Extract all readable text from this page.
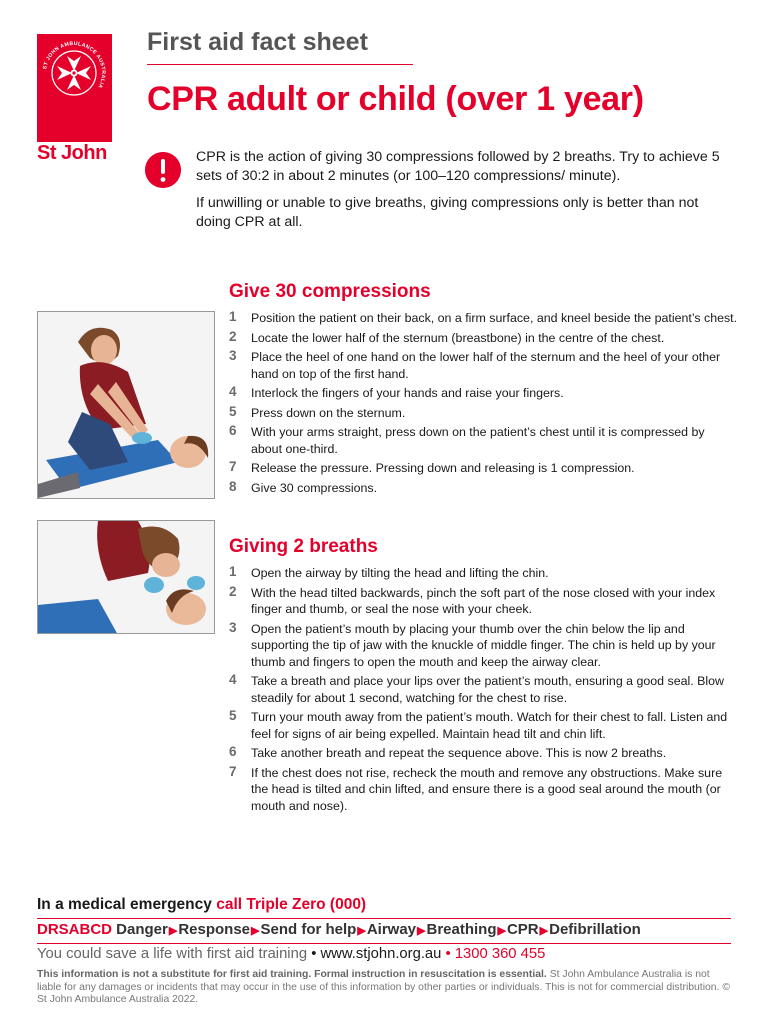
ST JOHN AMBULANCE AUSTRALIA
St John
First aid fact sheet
CPR adult or child (over 1 year)

CPR is the action of giving 30 compressions followed by 2 breaths. Try to achieve 5 sets of 30:2 in about 2 minutes (or 100–120 compressions/ minute).

If unwilling or unable to give breaths, giving compressions only is better than not doing CPR at all.

Give 30 compressions
1 Position the patient on their back, on a firm surface, and kneel beside the patient’s chest.
2 Locate the lower half of the sternum (breastbone) in the centre of the chest.
3 Place the heel of one hand on the lower half of the sternum and the heel of your other hand on top of the first hand.
4 Interlock the fingers of your hands and raise your fingers.
5 Press down on the sternum.
6 With your arms straight, press down on the patient’s chest until it is compressed by about one-third.
7 Release the pressure. Pressing down and releasing is 1 compression.
8 Give 30 compressions.
Giving 2 breaths
1 Open the airway by tilting the head and lifting the chin.
2 With the head tilted backwards, pinch the soft part of the nose closed with your index finger and thumb, or seal the nose with your cheek.
3 Open the patient’s mouth by placing your thumb over the chin below the lip and supporting the tip of jaw with the knuckle of middle finger. The chin is held up by your thumb and fingers to open the mouth and keep the airway clear.
4 Take a breath and place your lips over the patient’s mouth, ensuring a good seal. Blow steadily for about 1 second, watching for the chest to rise.
5 Turn your mouth away from the patient’s mouth. Watch for their chest to fall. Listen and feel for signs of air being expelled. Maintain head tilt and chin lift.
6 Take another breath and repeat the sequence above. This is now 2 breaths.
7 If the chest does not rise, recheck the mouth and remove any obstructions. Make sure the head is tilted and chin lifted, and ensure there is a good seal around the mouth (or mouth and nose).
In a medical emergency call Triple Zero (000)
DRSABCD Danger▶Response▶Send for help▶Airway▶Breathing▶CPR▶Defibrillation
You could save a life with first aid training • www.stjohn.org.au • 1300 360 455
This information is not a substitute for first aid training. Formal instruction in resuscitation is essential. St John Ambulance Australia is not liable for any damages or incidents that may occur in the use of this information by other parties or individuals. This is not for commercial distribution. © St John Ambulance Australia 2022.
